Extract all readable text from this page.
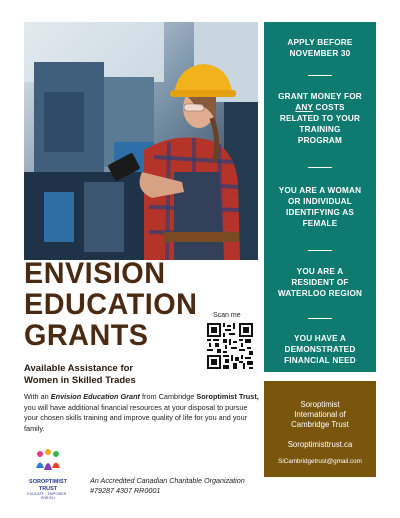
ENVISION
EDUCATION
GRANTS
Scan me
Available Assistance for
Women in Skilled Trades
With an Envision Education Grant from Cambridge Soroptimist Trust, you will have additional financial resources at your disposal to pursue your chosen skills training and improve quality of life for you and your family.
SOROPTIMIST
TRUST
EDUCATE · EMPOWER · ENRICH
An Accredited Canadian Charitable Organization
#79287 4307 RR0001
APPLY BEFORE
NOVEMBER 30
GRANT MONEY FOR
ANY COSTS
RELATED TO YOUR
TRAINING
PROGRAM
YOU ARE A WOMAN
OR INDIVIDUAL
IDENTIFYING AS
FEMALE
YOU ARE A
RESIDENT OF
WATERLOO REGION
YOU HAVE A
DEMONSTRATED
FINANCIAL NEED
Soroptimist
International of
Cambridge Trust
Soroptimisttrust.ca
SiCambridgetrust@gmail.com
